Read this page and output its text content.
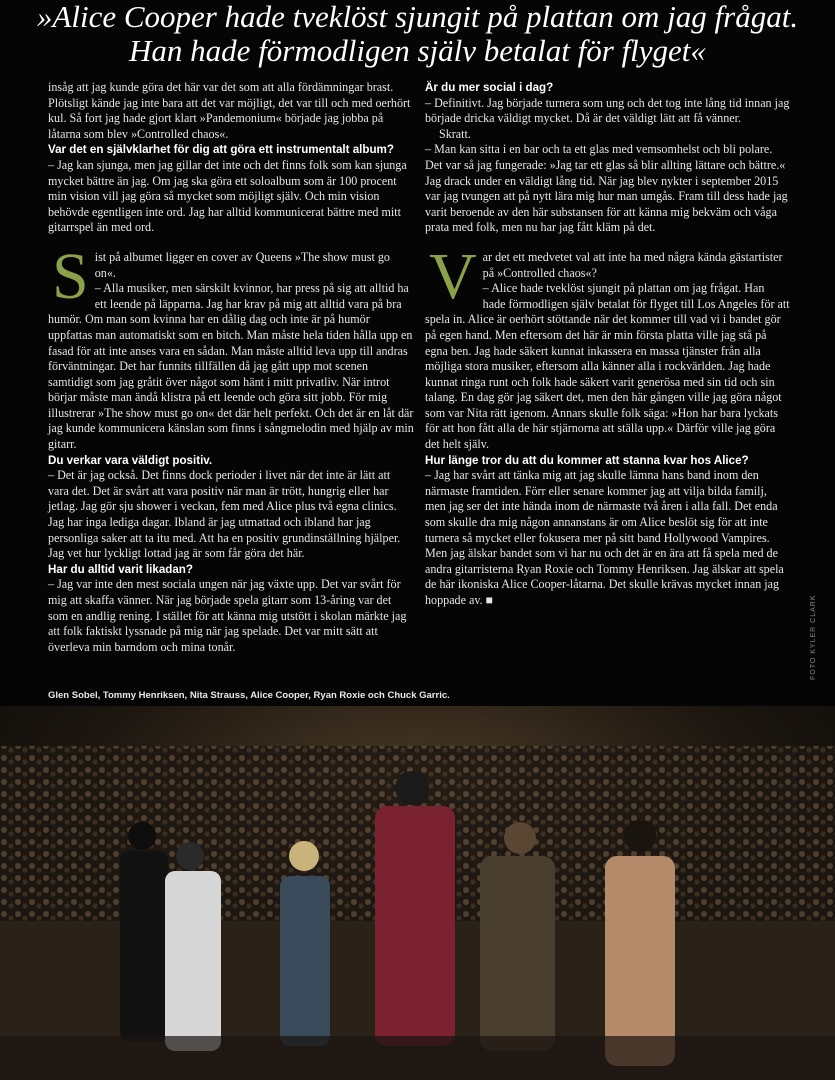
»Alice Cooper hade tveklöst sjungit på plattan om jag frågat.
Han hade förmodligen själv betalat för flyget«

insåg att jag kunde göra det här var det som att alla fördämningar brast. Plötsligt kände jag inte bara att det var möjligt, det var till och med oerhört kul. Så fort jag hade gjort klart »Pandemonium« började jag jobba på låtarna som blev »Controlled chaos«.

Var det en självklarhet för dig att göra ett instrumentalt album?

– Jag kan sjunga, men jag gillar det inte och det finns folk som kan sjunga mycket bättre än jag. Om jag ska göra ett soloalbum som är 100 procent min vision vill jag göra så mycket som möjligt själv. Och min vision behövde egentligen inte ord. Jag har alltid kommunicerat bättre med mitt gitarrspel än med ord.

Sist på albumet ligger en cover av Queens »The show must go on«.
– Alla musiker, men särskilt kvinnor, har press på sig att alltid ha ett leende på läpparna. Jag har krav på mig att alltid vara på bra humör. Om man som kvinna har en dålig dag och inte är på humör uppfattas man automatiskt som en bitch. Man måste hela tiden hålla upp en fasad för att inte anses vara en sådan. Man måste alltid leva upp till andras förväntningar. Det har funnits tillfällen då jag gått upp mot scenen samtidigt som jag gråtit över något som hänt i mitt privatliv. När introt börjar måste man ändå klistra på ett leende och göra sitt jobb. För mig illustrerar »The show must go on« det där helt perfekt. Och det är en låt där jag kunde kommunicera känslan som finns i sångmelodin med hjälp av min gitarr.

Du verkar vara väldigt positiv.

– Det är jag också. Det finns dock perioder i livet när det inte är lätt att vara det. Det är svårt att vara positiv när man är trött, hungrig eller har jetlag. Jag gör sju shower i veckan, fem med Alice plus två egna clinics. Jag har inga lediga dagar. Ibland är jag utmattad och ibland har jag personliga saker att ta itu med. Att ha en positiv grundinställning hjälper. Jag vet hur lyckligt lottad jag är som får göra det här.

Har du alltid varit likadan?

– Jag var inte den mest sociala ungen när jag växte upp. Det var svårt för mig att skaffa vänner. När jag började spela gitarr som 13-åring var det som en andlig rening. I stället för att känna mig utstött i skolan märkte jag att folk faktiskt lyssnade på mig när jag spelade. Det var mitt sätt att överleva min barndom och mina tonår.

Är du mer social i dag?

– Definitivt. Jag började turnera som ung och det tog inte lång tid innan jag började dricka väldigt mycket. Då är det väldigt lätt att få vänner.

Skratt.

– Man kan sitta i en bar och ta ett glas med vemsomhelst och bli polare. Det var så jag fungerade: »Jag tar ett glas så blir allting lättare och bättre.« Jag drack under en väldigt lång tid. När jag blev nykter i september 2015 var jag tvungen att på nytt lära mig hur man umgås. Fram till dess hade jag varit beroende av den här substansen för att känna mig bekväm och våga prata med folk, men nu har jag fått kläm på det.

Var det ett medvetet val att inte ha med några kända gästartister på »Controlled chaos«?
– Alice hade tveklöst sjungit på plattan om jag frågat. Han hade förmodligen själv betalat för flyget till Los Angeles för att spela in. Alice är oerhört stöttande när det kommer till vad vi i bandet gör på egen hand. Men eftersom det här är min första platta ville jag stå på egna ben. Jag hade säkert kunnat inkassera en massa tjänster från alla möjliga stora musiker, eftersom alla känner alla i rockvärlden. Jag hade kunnat ringa runt och folk hade säkert varit generösa med sin tid och sin talang. En dag gör jag säkert det, men den här gången ville jag göra något som var Nita rätt igenom. Annars skulle folk säga: »Hon har bara lyckats för att hon fått alla de här stjärnorna att ställa upp.« Därför ville jag göra det helt själv.

Hur länge tror du att du kommer att stanna kvar hos Alice?

– Jag har svårt att tänka mig att jag skulle lämna hans band inom den närmaste framtiden. Förr eller senare kommer jag att vilja bilda familj, men jag ser det inte hända inom de närmaste två åren i alla fall. Det enda som skulle dra mig någon annanstans är om Alice beslöt sig för att inte turnera så mycket eller fokusera mer på sitt band Hollywood Vampires. Men jag älskar bandet som vi har nu och det är en ära att få spela med de andra gitarristerna Ryan Roxie och Tommy Henriksen. Jag älskar att spela de här ikoniska Alice Cooper-låtarna. Det skulle krävas mycket innan jag hoppade av. ■	FOTO KYLER CLARK
Glen Sobel, Tommy Henriksen, Nita Strauss, Alice Cooper, Ryan Roxie och Chuck Garric.
